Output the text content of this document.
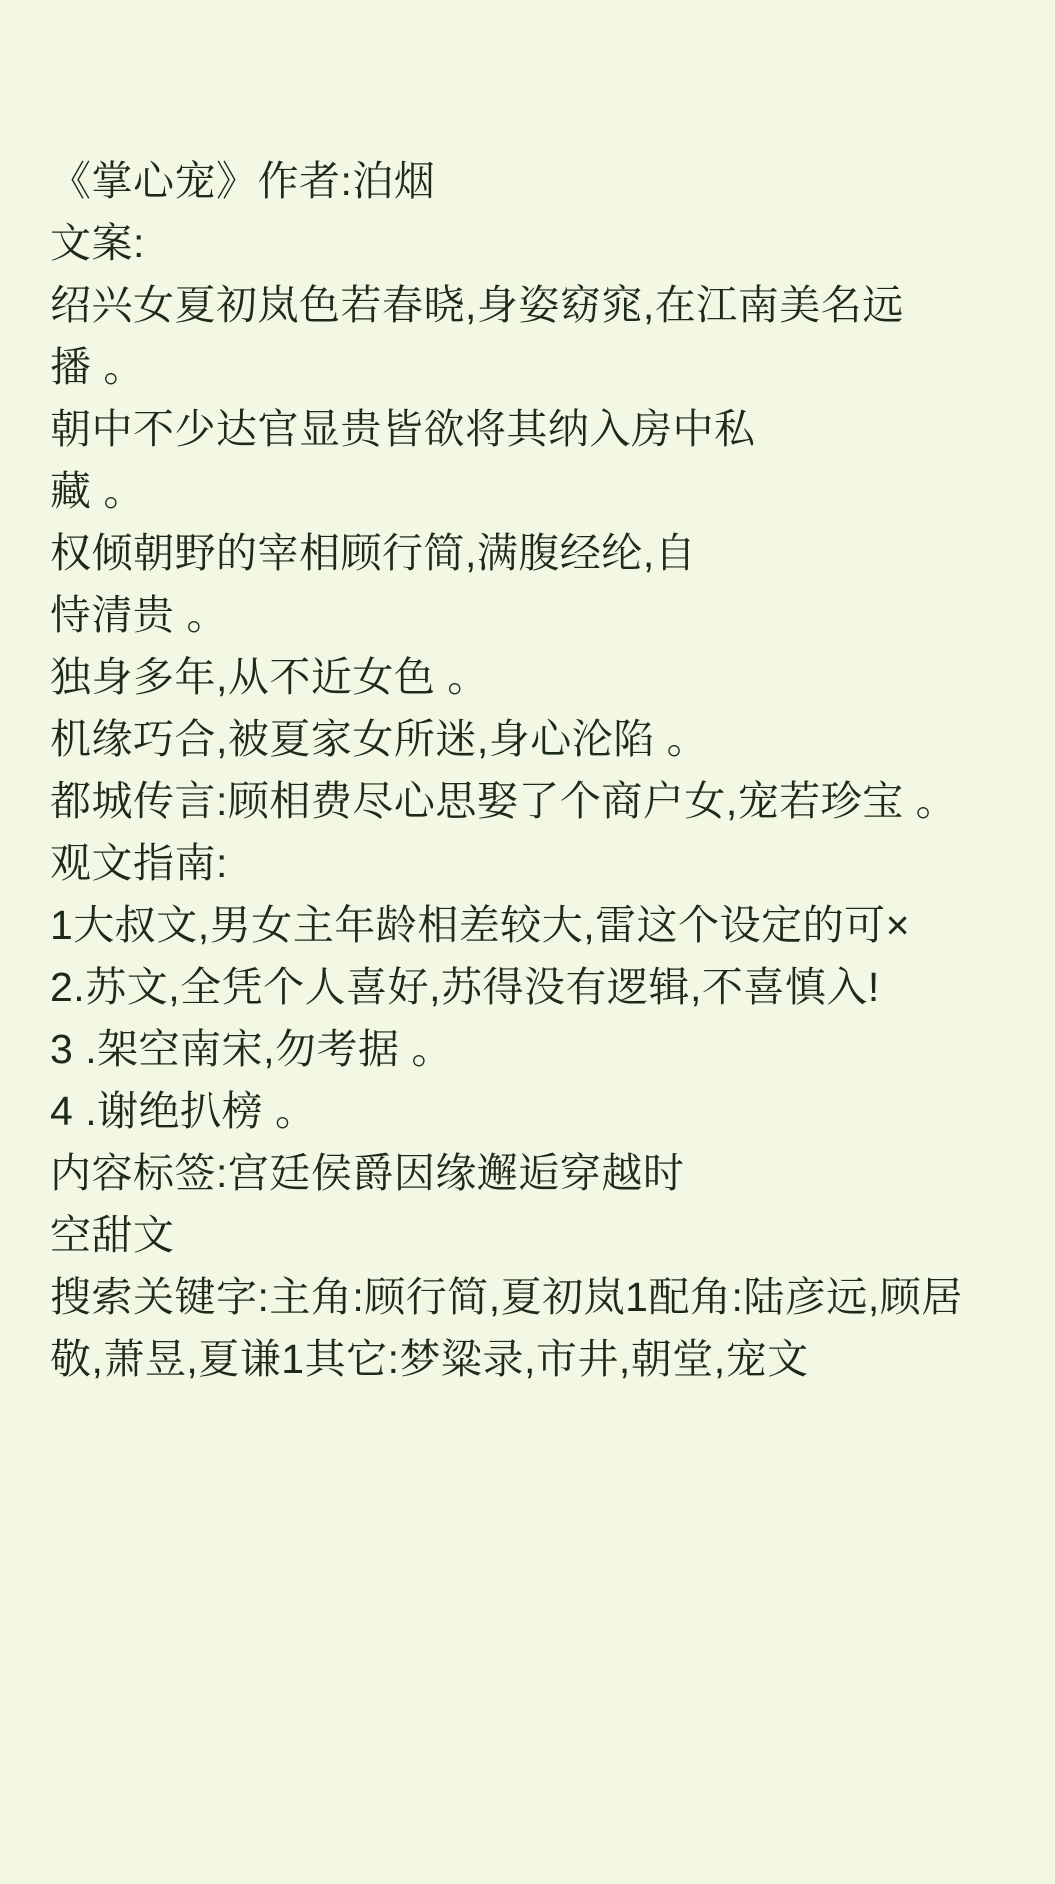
《掌心宠》作者:泊烟
文案:
绍兴女夏初岚色若春晓,身姿窈窕,在江南美名远
播 。
朝中不少达官显贵皆欲将其纳入房中私
藏 。
权倾朝野的宰相顾行简,满腹经纶,自
恃清贵 。
独身多年,从不近女色 。
机缘巧合,被夏家女所迷,身心沦陷 。
都城传言:顾相费尽心思娶了个商户女,宠若珍宝 。
观文指南:
1大叔文,男女主年龄相差较大,雷这个设定的可×
2.苏文,全凭个人喜好,苏得没有逻辑,不喜慎入!
3 .架空南宋,勿考据 。
4 .谢绝扒榜 。
内容标签:宫廷侯爵因缘邂逅穿越时
空甜文
搜索关键字:主角:顾行简,夏初岚1配角:陆彦远,顾居
敬,萧昱,夏谦1其它:梦粱录,市井,朝堂,宠文
